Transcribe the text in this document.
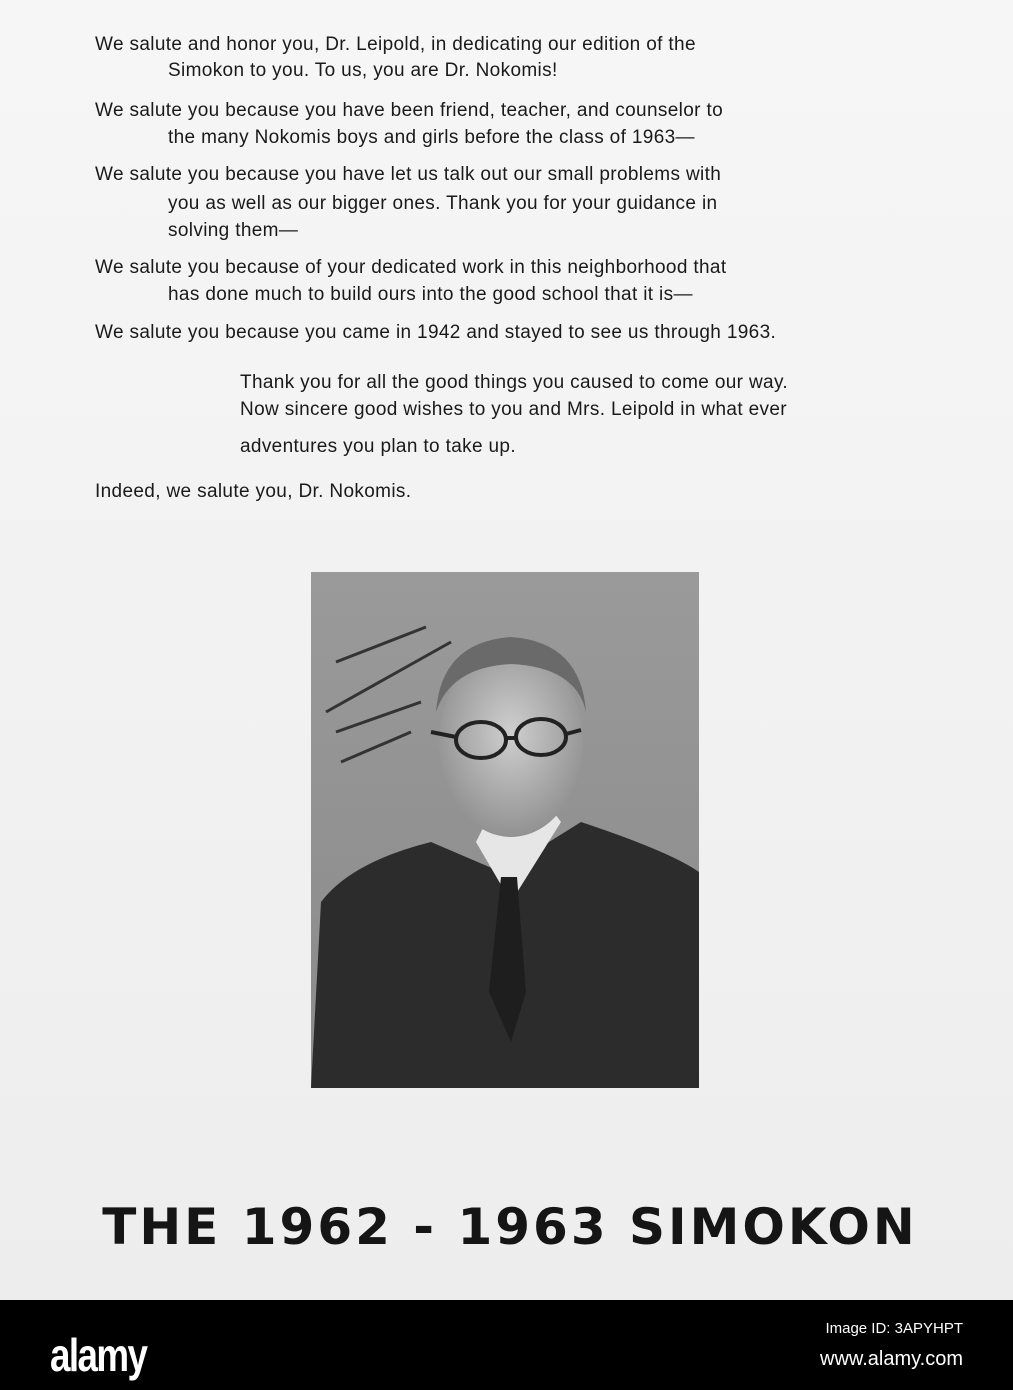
We salute and honor you, Dr. Leipold, in dedicating our edition of the
Simokon to you. To us, you are Dr. Nokomis!
We salute you because you have been friend, teacher, and counselor to
the many Nokomis boys and girls before the class of 1963—
We salute you because you have let us talk out our small problems with
you as well as our bigger ones. Thank you for your guidance in
solving them—
We salute you because of your dedicated work in this neighborhood that
has done much to build ours into the good school that it is—
We salute you because you came in 1942 and stayed to see us through 1963.
Thank you for all the good things you caused to come our way.
Now sincere good wishes to you and Mrs. Leipold in what ever
adventures you plan to take up.
Indeed, we salute you, Dr. Nokomis.
THE 1962 - 1963 SIMOKON
alamy
Image ID: 3APYHPT
www.alamy.com
